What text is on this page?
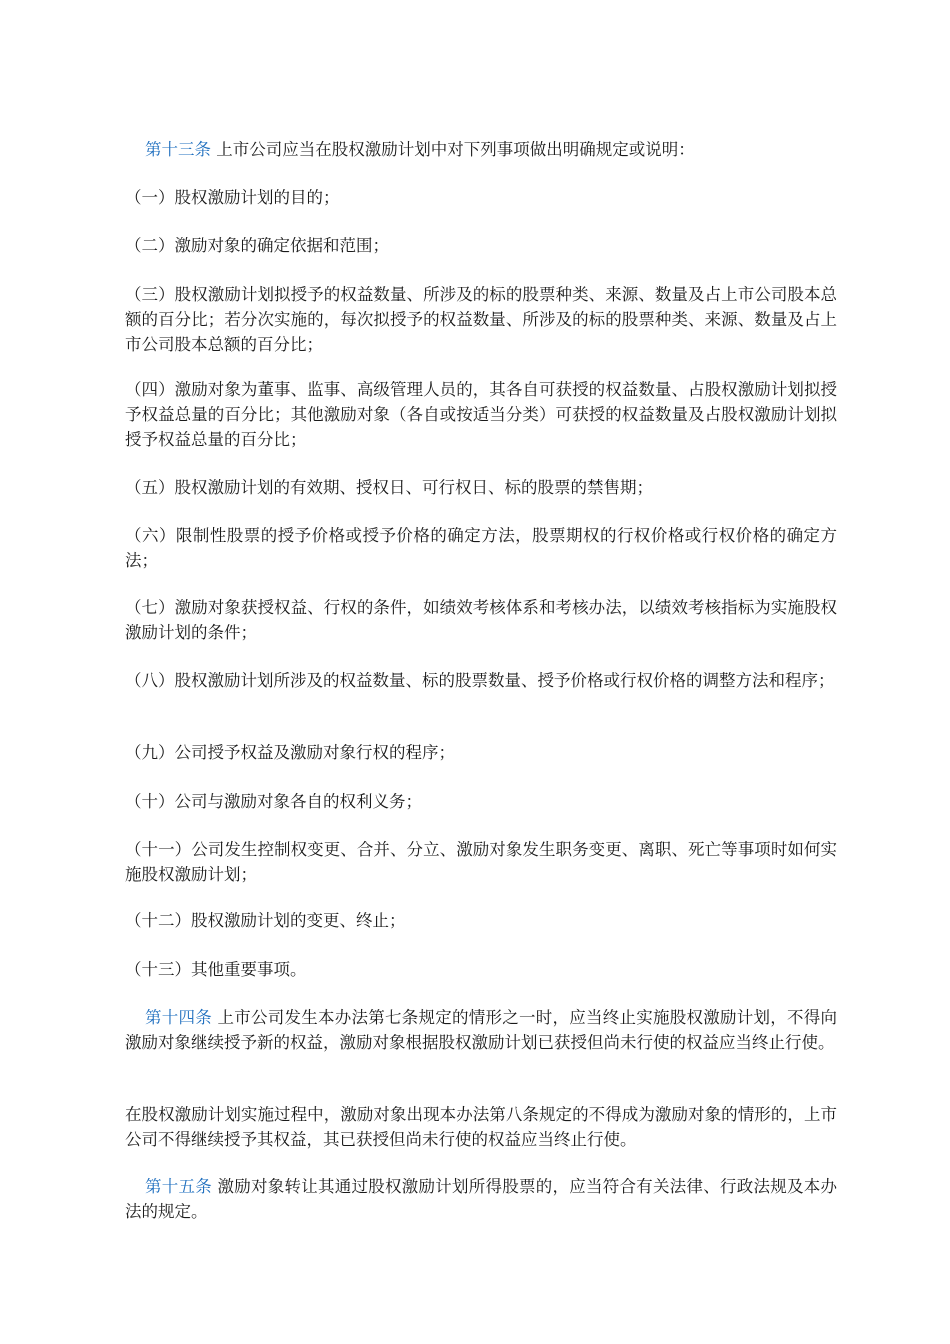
第十三条 上市公司应当在股权激励计划中对下列事项做出明确规定或说明：

（一）股权激励计划的目的；

（二）激励对象的确定依据和范围；

（三）股权激励计划拟授予的权益数量、所涉及的标的股票种类、来源、数量及占上市公司股本总额的百分比；若分次实施的，每次拟授予的权益数量、所涉及的标的股票种类、来源、数量及占上市公司股本总额的百分比；

（四）激励对象为董事、监事、高级管理人员的，其各自可获授的权益数量、占股权激励计划拟授予权益总量的百分比；其他激励对象（各自或按适当分类）可获授的权益数量及占股权激励计划拟授予权益总量的百分比；

（五）股权激励计划的有效期、授权日、可行权日、标的股票的禁售期；

（六）限制性股票的授予价格或授予价格的确定方法，股票期权的行权价格或行权价格的确定方法；

（七）激励对象获授权益、行权的条件，如绩效考核体系和考核办法，以绩效考核指标为实施股权激励计划的条件；

（八）股权激励计划所涉及的权益数量、标的股票数量、授予价格或行权价格的调整方法和程序；

（九）公司授予权益及激励对象行权的程序；

（十）公司与激励对象各自的权利义务；

（十一）公司发生控制权变更、合并、分立、激励对象发生职务变更、离职、死亡等事项时如何实施股权激励计划；

（十二）股权激励计划的变更、终止；

（十三）其他重要事项。

第十四条 上市公司发生本办法第七条规定的情形之一时，应当终止实施股权激励计划，不得向激励对象继续授予新的权益，激励对象根据股权激励计划已获授但尚未行使的权益应当终止行使。

在股权激励计划实施过程中，激励对象出现本办法第八条规定的不得成为激励对象的情形的，上市公司不得继续授予其权益，其已获授但尚未行使的权益应当终止行使。

第十五条 激励对象转让其通过股权激励计划所得股票的，应当符合有关法律、行政法规及本办法的规定。
